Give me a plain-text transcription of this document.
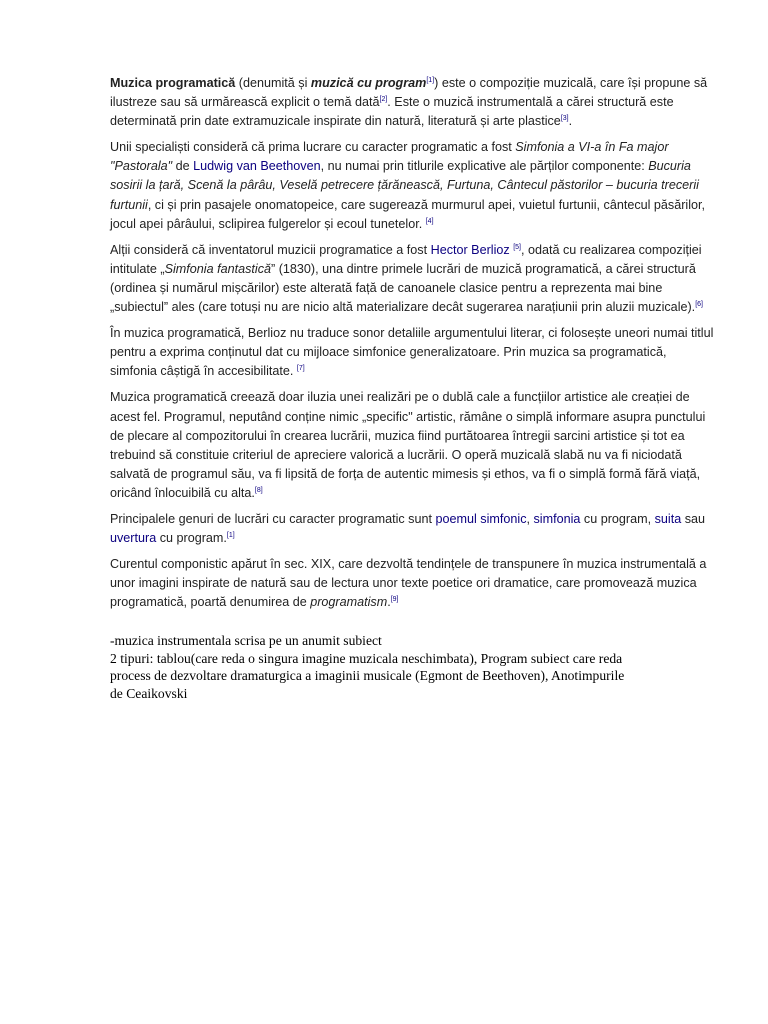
Muzica programatică (denumită și muzică cu program[1]) este o compoziție muzicală, care își propune să ilustreze sau să urmărească explicit o temă dată[2]. Este o muzică instrumentală a cărei structură este determinată prin date extramuzicale inspirate din natură, literatură și arte plastice[3].

Unii specialiști consideră că prima lucrare cu caracter programatic a fost Simfonia a VI-a în Fa major "Pastorala" de Ludwig van Beethoven, nu numai prin titlurile explicative ale părților componente: Bucuria sosirii la țară, Scenă la pârâu, Veselă petrecere țărănească, Furtuna, Cântecul păstorilor – bucuria trecerii furtunii, ci și prin pasajele onomatopeice, care sugerează murmurul apei, vuietul furtunii, cântecul păsărilor, jocul apei pârâului, sclipirea fulgerelor și ecoul tunetelor. [4]

Alții consideră că inventatorul muzicii programatice a fost Hector Berlioz [5], odată cu realizarea compoziției intitulate „Simfonia fantastică” (1830), una dintre primele lucrări de muzică programatică, a cărei structură (ordinea și numărul mișcărilor) este alterată față de canoanele clasice pentru a reprezenta mai bine „subiectul” ales (care totuși nu are nicio altă materializare decât sugerarea narațiunii prin aluzii muzicale).[6]

În muzica programatică, Berlioz nu traduce sonor detaliile argumentului literar, ci folosește uneori numai titlul pentru a exprima conținutul dat cu mijloace simfonice generalizatoare. Prin muzica sa programatică, simfonia câștigă în accesibilitate. [7]

Muzica programatică creează doar iluzia unei realizări pe o dublă cale a funcțiilor artistice ale creației de acest fel. Programul, neputând conține nimic „specific" artistic, rămâne o simplă informare asupra punctului de plecare al compozitorului în crearea lucrării, muzica fiind purtătoarea întregii sarcini artistice și tot ea trebuind să constituie criteriul de apreciere valorică a lucrării. O operă muzicală slabă nu va fi niciodată salvată de programul său, va fi lipsită de forța de autentic mimesis și ethos, va fi o simplă formă fără viață, oricând înlocuibilă cu alta.[8]

Principalele genuri de lucrări cu caracter programatic sunt poemul simfonic, simfonia cu program, suita sau uvertura cu program.[1]

Curentul componistic apărut în sec. XIX, care dezvoltă tendințele de transpunere în muzica instrumentală a unor imagini inspirate de natură sau de lectura unor texte poetice ori dramatice, care promovează muzica programatică, poartă denumirea de programatism.[9]

-muzica instrumentala scrisa pe un anumit subiect
2 tipuri: tablou(care reda o singura imagine muzicala neschimbata), Program subiect care reda
process de dezvoltare dramaturgica a imaginii musicale (Egmont de Beethoven), Anotimpurile
de Ceaikovski
